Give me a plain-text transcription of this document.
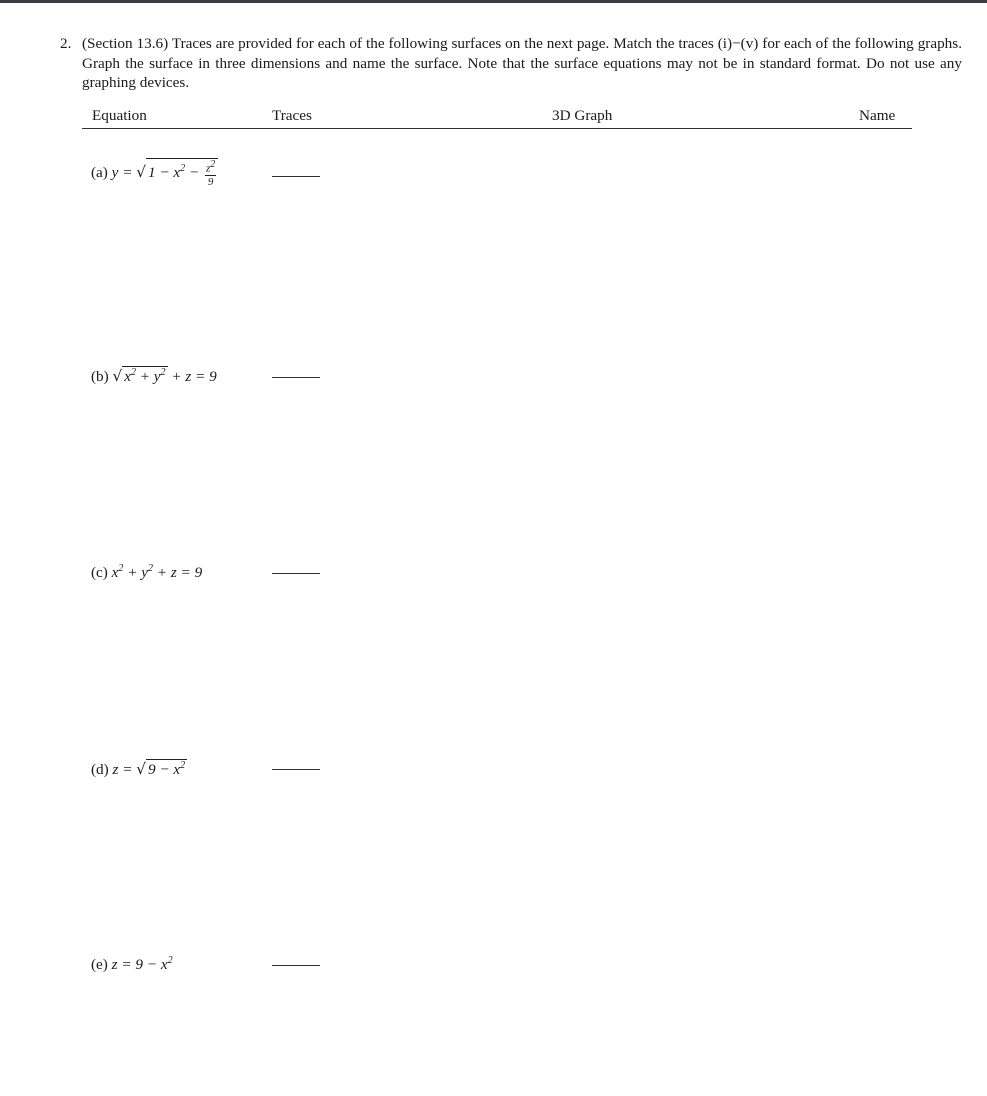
2. (Section 13.6) Traces are provided for each of the following surfaces on the next page. Match the traces (i)−(v) for each of the following graphs. Graph the surface in three dimensions and name the surface. Note that the surface equations may not be in standard format. Do not use any graphing devices.
Equation	Traces	3D Graph	Name
(a) y = √ $1 - x^2 - \frac{z^2}{9}$
(b) √ $x^2 + y^2 + z = 9$
(c) $x^2 + y^2 + z = 9$
(d) z = √ $9 - x^2$
(e) $z = 9 - x^2$
